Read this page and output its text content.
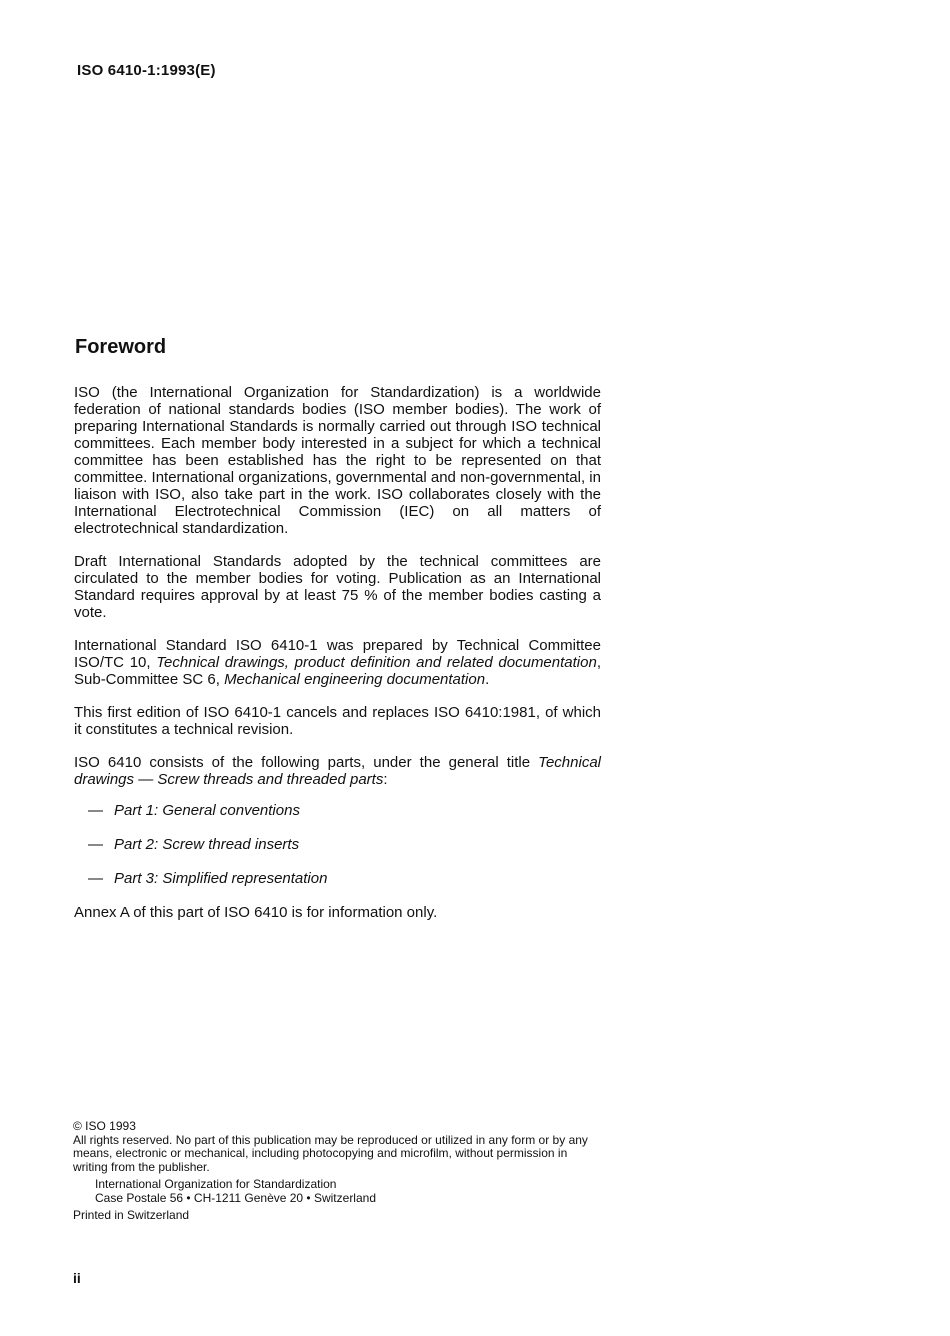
ISO 6410-1:1993(E)
Foreword

ISO (the International Organization for Standardization) is a worldwide federation of national standards bodies (ISO member bodies). The work of preparing International Standards is normally carried out through ISO technical committees. Each member body interested in a subject for which a technical committee has been established has the right to be represented on that committee. International organizations, governmental and non-governmental, in liaison with ISO, also take part in the work. ISO collaborates closely with the International Electrotechnical Commission (IEC) on all matters of electrotechnical standardization.

Draft International Standards adopted by the technical committees are circulated to the member bodies for voting. Publication as an International Standard requires approval by at least 75 % of the member bodies casting a vote.

International Standard ISO 6410-1 was prepared by Technical Committee ISO/TC 10, Technical drawings, product definition and related documentation, Sub-Committee SC 6, Mechanical engineering documentation.

This first edition of ISO 6410-1 cancels and replaces ISO 6410:1981, of which it constitutes a technical revision.

ISO 6410 consists of the following parts, under the general title Technical drawings — Screw threads and threaded parts:

— Part 1: General conventions
— Part 2: Screw thread inserts
— Part 3: Simplified representation

Annex A of this part of ISO 6410 is for information only.

© ISO 1993

All rights reserved. No part of this publication may be reproduced or utilized in any form or by any means, electronic or mechanical, including photocopying and microfilm, without permission in writing from the publisher.

International Organization for Standardization

Case Postale 56 • CH-1211 Genève 20 • Switzerland

Printed in Switzerland

ii
